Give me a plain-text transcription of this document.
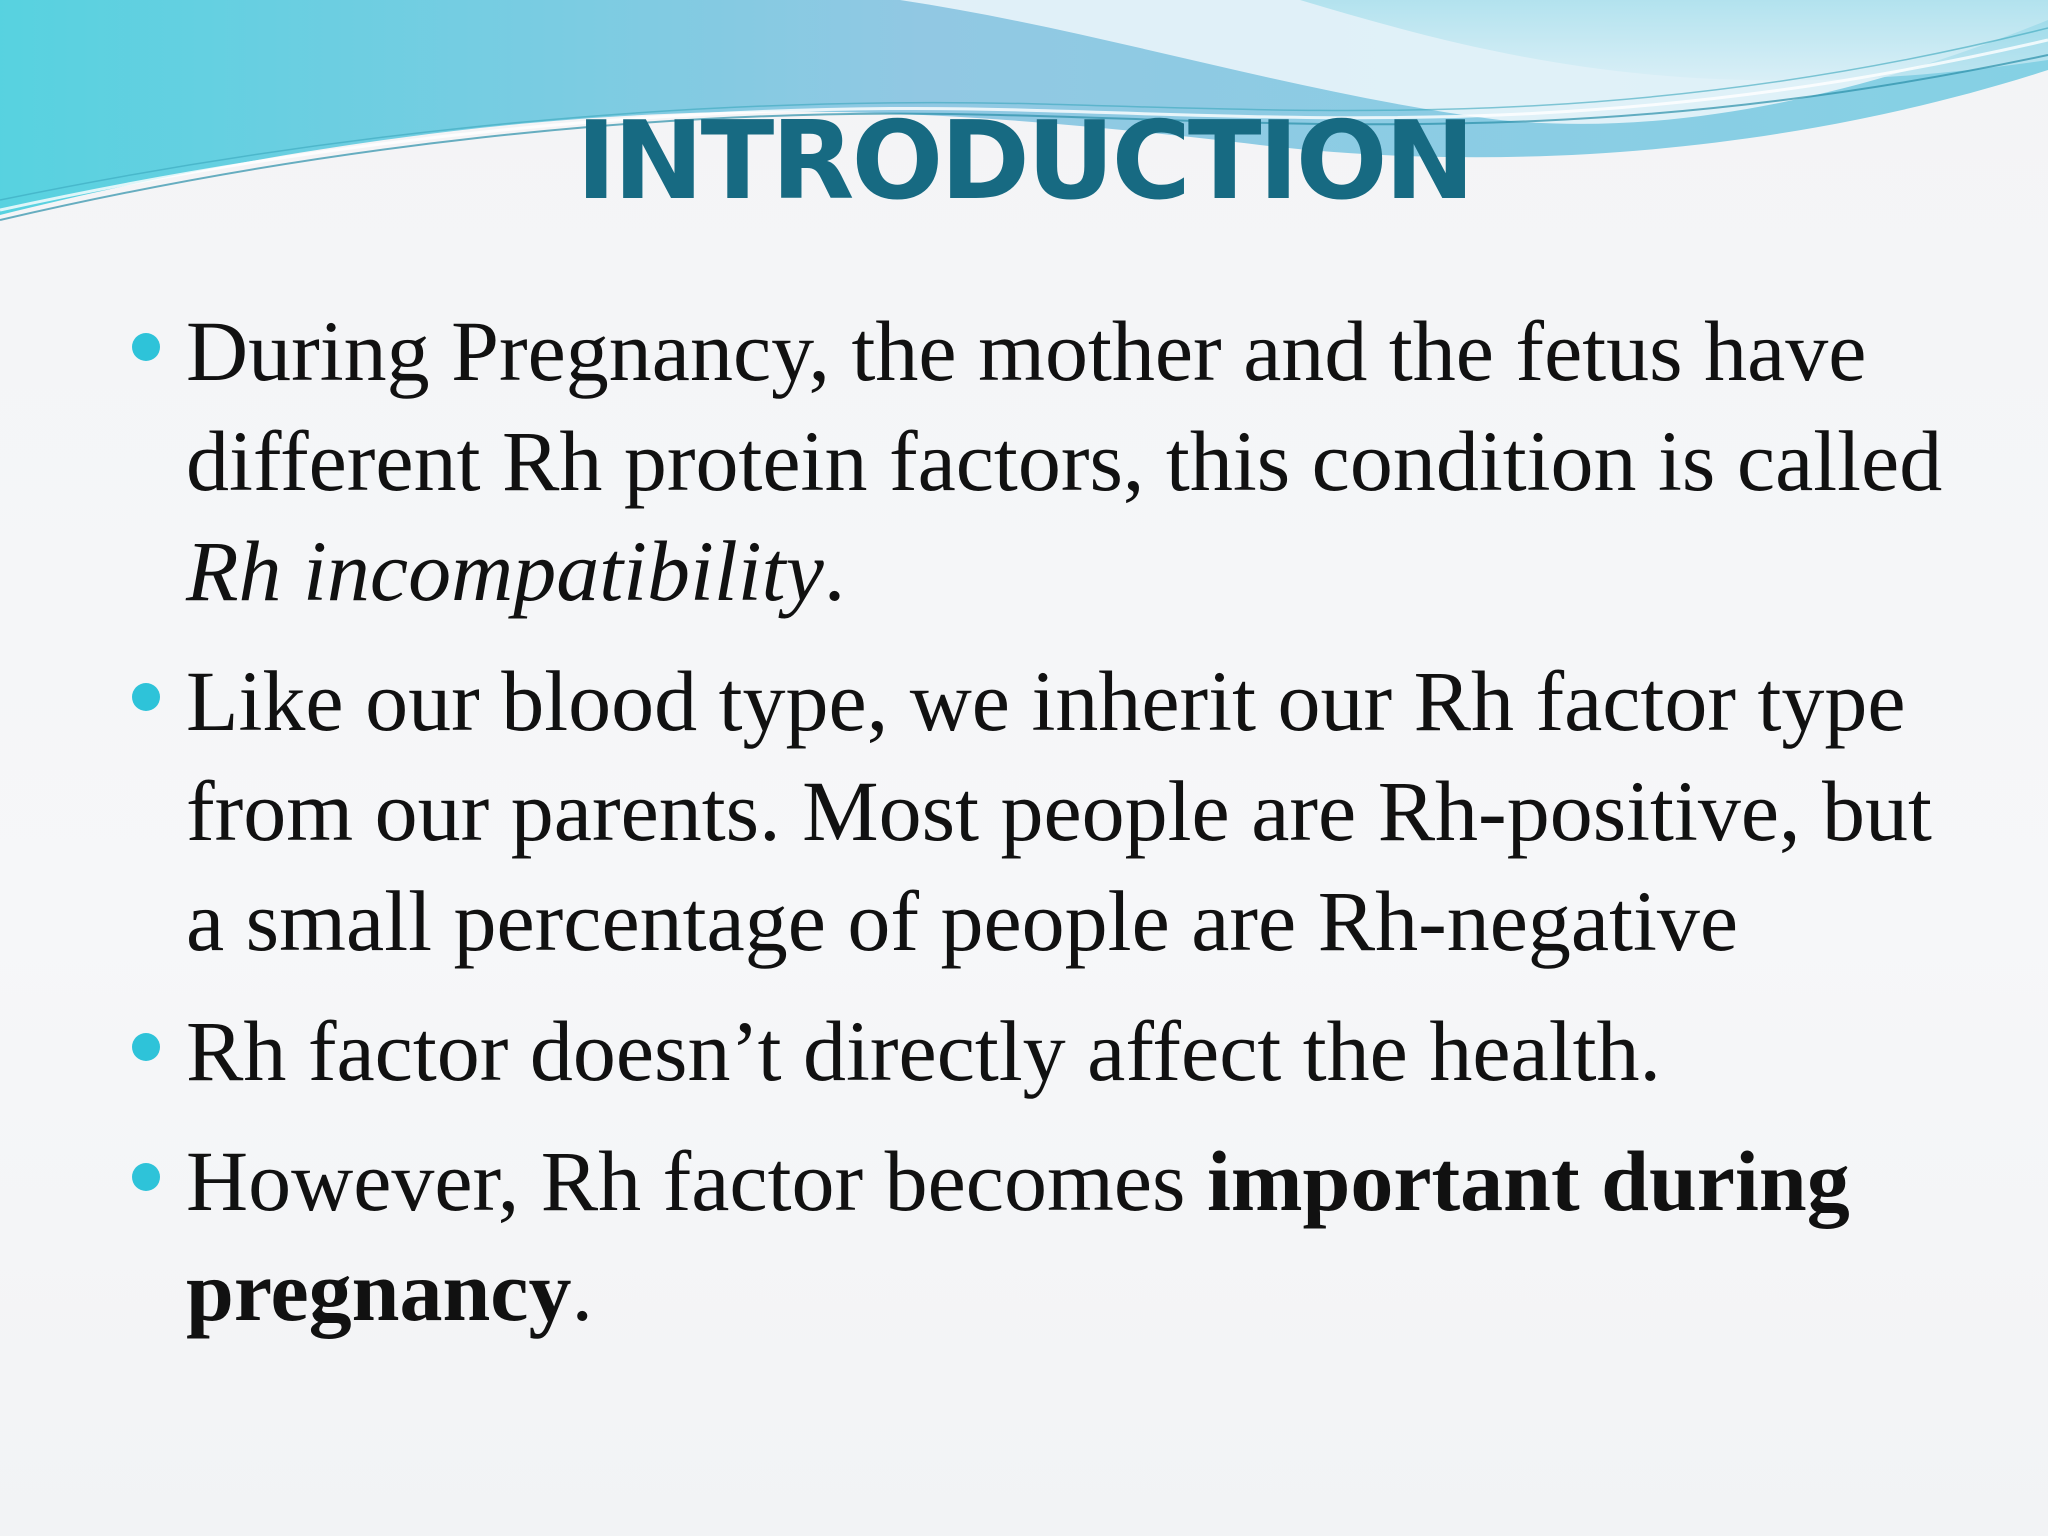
INTRODUCTION
During Pregnancy, the mother and the fetus have different Rh protein factors, this condition is called Rh incompatibility.
Like our blood type, we inherit our Rh factor type from our parents. Most people are Rh-positive, but a small percentage of people are Rh-negative
Rh factor doesn’t directly affect the health.
However, Rh factor becomes important during pregnancy.
